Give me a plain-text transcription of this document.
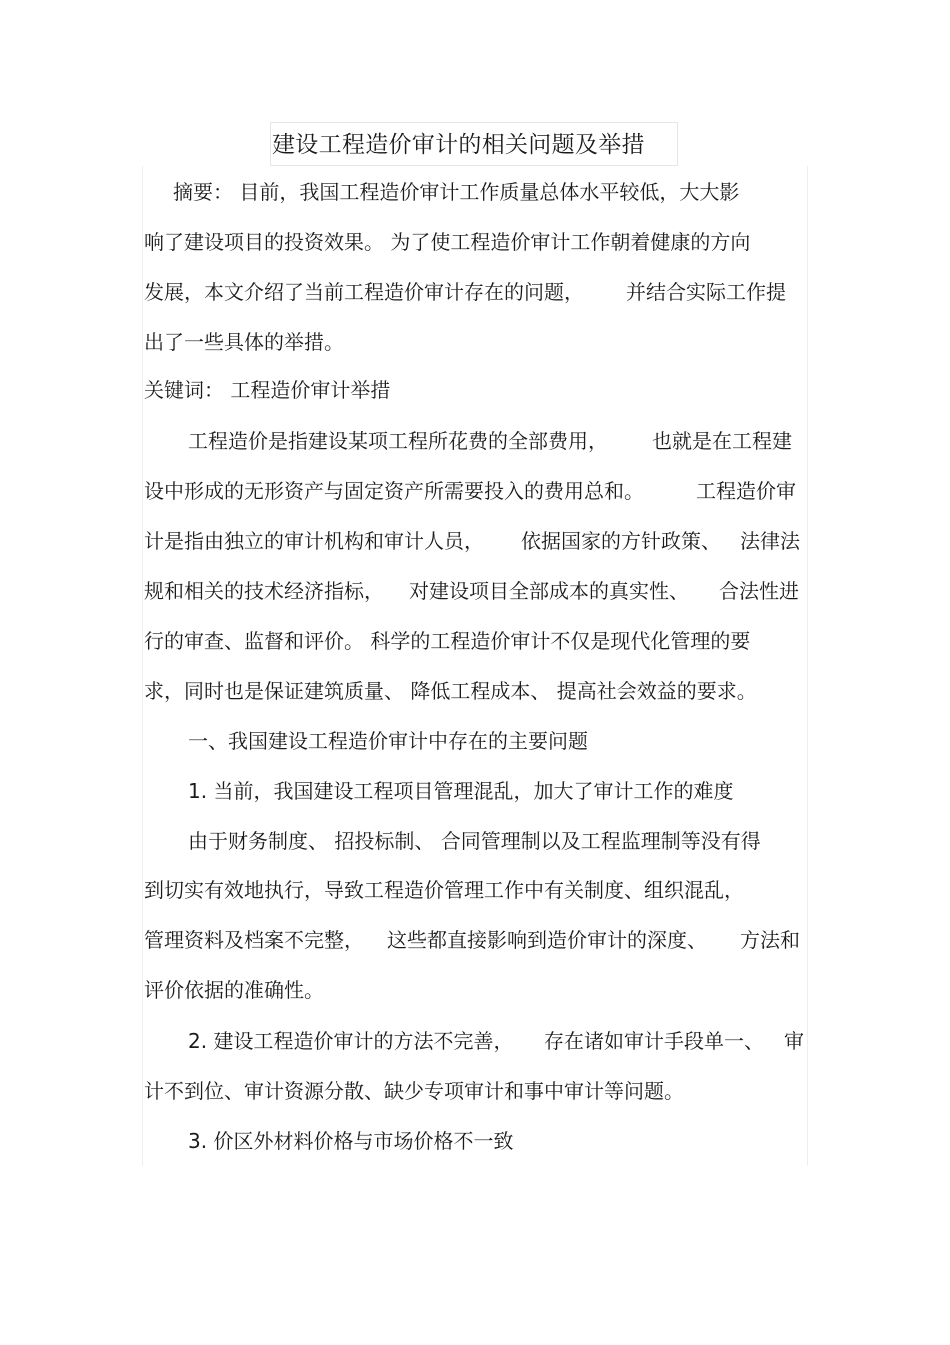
建设工程造价审计的相关问题及举措
摘要： 目前，我国工程造价审计工作质量总体水平较低，大大影
响了建设项目的投资效果。 为了使工程造价审计工作朝着健康的方向
发展，本文介绍了当前工程造价审计存在的问题， 并结合实际工作提
出了一些具体的举措。
关键词： 工程造价审计举措
工程造价是指建设某项工程所花费的全部费用， 也就是在工程建
设中形成的无形资产与固定资产所需要投入的费用总和。	工程造价审
计是指由独立的审计机构和审计人员， 依据国家的方针政策、 法律法
规和相关的技术经济指标， 对建设项目全部成本的真实性、 合法性进
行的审查、监督和评价。 科学的工程造价审计不仅是现代化管理的要
求，同时也是保证建筑质量、 降低工程成本、 提高社会效益的要求。
一、我国建设工程造价审计中存在的主要问题
1. 当前，我国建设工程项目管理混乱，加大了审计工作的难度
由于财务制度、 招投标制、 合同管理制以及工程监理制等没有得
到切实有效地执行，导致工程造价管理工作中有关制度、组织混乱，
管理资料及档案不完整， 这些都直接影响到造价审计的深度、 方法和
评价依据的准确性。
2. 建设工程造价审计的方法不完善， 存在诸如审计手段单一、 审
计不到位、审计资源分散、缺少专项审计和事中审计等问题。
3. 价区外材料价格与市场价格不一致
